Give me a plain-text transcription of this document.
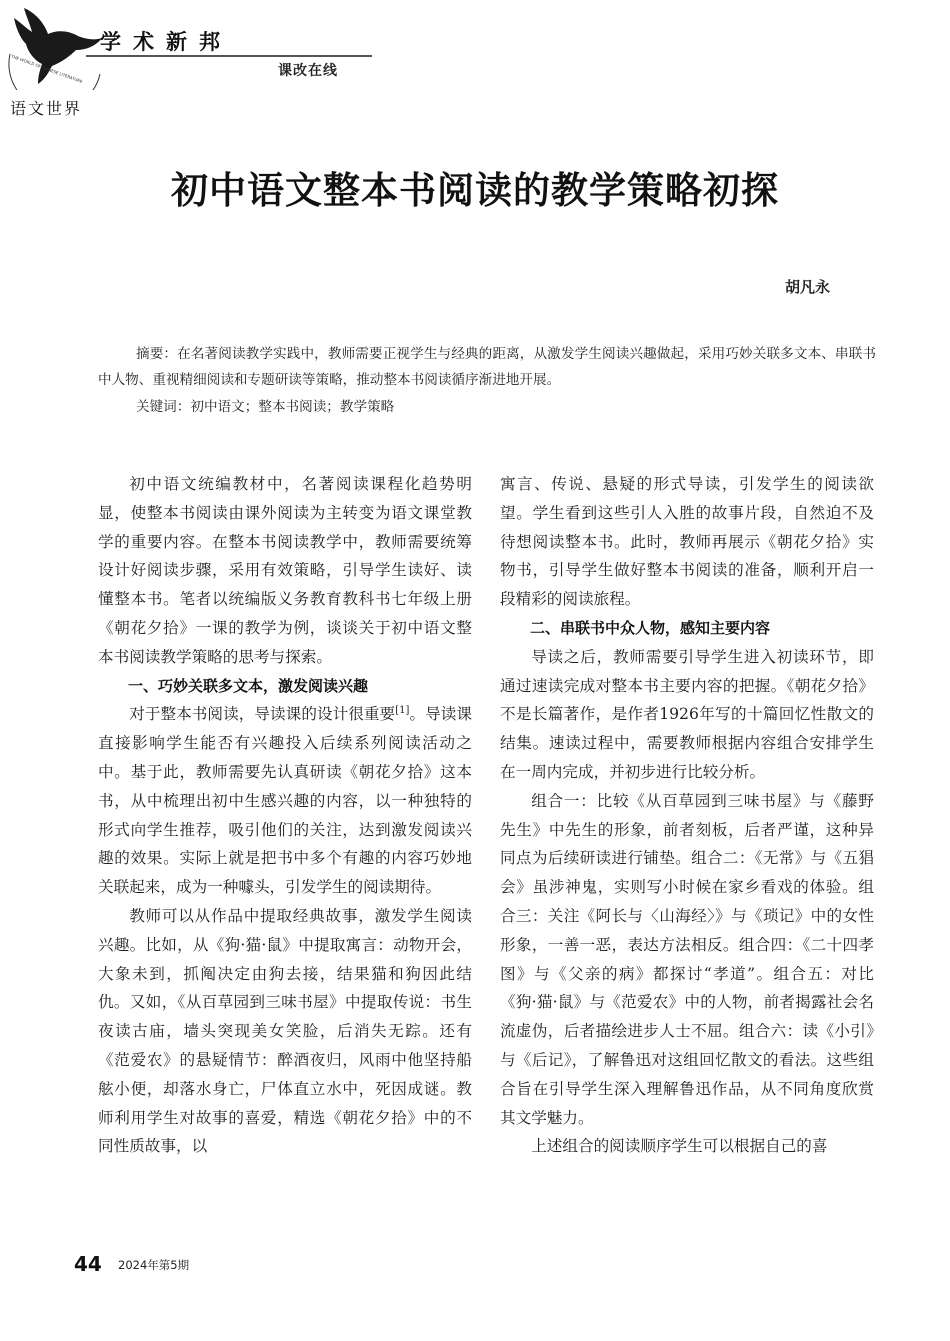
THE WORLD OF CHINESE LITERATURE
学术新邦
课改在线
语文世界
初中语文整本书阅读的教学策略初探
胡凡永
摘要：在名著阅读教学实践中，教师需要正视学生与经典的距离，从激发学生阅读兴趣做起，采用巧妙关联多文本、串联书中人物、重视精细阅读和专题研读等策略，推动整本书阅读循序渐进地开展。
关键词：初中语文；整本书阅读；教学策略

初中语文统编教材中，名著阅读课程化趋势明显，使整本书阅读由课外阅读为主转变为语文课堂教学的重要内容。在整本书阅读教学中，教师需要统筹设计好阅读步骤，采用有效策略，引导学生读好、读懂整本书。笔者以统编版义务教育教科书七年级上册《朝花夕拾》一课的教学为例，谈谈关于初中语文整本书阅读教学策略的思考与探索。

一、巧妙关联多文本，激发阅读兴趣

对于整本书阅读，导读课的设计很重要[1]。导读课直接影响学生能否有兴趣投入后续系列阅读活动之中。基于此，教师需要先认真研读《朝花夕拾》这本书，从中梳理出初中生感兴趣的内容，以一种独特的形式向学生推荐，吸引他们的关注，达到激发阅读兴趣的效果。实际上就是把书中多个有趣的内容巧妙地关联起来，成为一种噱头，引发学生的阅读期待。

教师可以从作品中提取经典故事，激发学生阅读兴趣。比如，从《狗·猫·鼠》中提取寓言：动物开会，大象未到，抓阄决定由狗去接，结果猫和狗因此结仇。又如，《从百草园到三味书屋》中提取传说：书生夜读古庙，墙头突现美女笑脸，后消失无踪。还有《范爱农》的悬疑情节：醉酒夜归，风雨中他坚持船舷小便，却落水身亡，尸体直立水中，死因成谜。教师利用学生对故事的喜爱，精选《朝花夕拾》中的不同性质故事，以

寓言、传说、悬疑的形式导读，引发学生的阅读欲望。学生看到这些引人入胜的故事片段，自然迫不及待想阅读整本书。此时，教师再展示《朝花夕拾》实物书，引导学生做好整本书阅读的准备，顺利开启一段精彩的阅读旅程。

二、串联书中众人物，感知主要内容

导读之后，教师需要引导学生进入初读环节，即通过速读完成对整本书主要内容的把握。《朝花夕拾》不是长篇著作，是作者1926年写的十篇回忆性散文的结集。速读过程中，需要教师根据内容组合安排学生在一周内完成，并初步进行比较分析。

组合一：比较《从百草园到三味书屋》与《藤野先生》中先生的形象，前者刻板，后者严谨，这种异同点为后续研读进行铺垫。组合二：《无常》与《五猖会》虽涉神鬼，实则写小时候在家乡看戏的体验。组合三：关注《阿长与〈山海经〉》与《琐记》中的女性形象，一善一恶，表达方法相反。组合四：《二十四孝图》与《父亲的病》都探讨“孝道”。组合五：对比《狗·猫·鼠》与《范爱农》中的人物，前者揭露社会名流虚伪，后者描绘进步人士不屈。组合六：读《小引》与《后记》，了解鲁迅对这组回忆散文的看法。这些组合旨在引导学生深入理解鲁迅作品，从不同角度欣赏其文学魅力。

上述组合的阅读顺序学生可以根据自己的喜

44 2024年第5期
